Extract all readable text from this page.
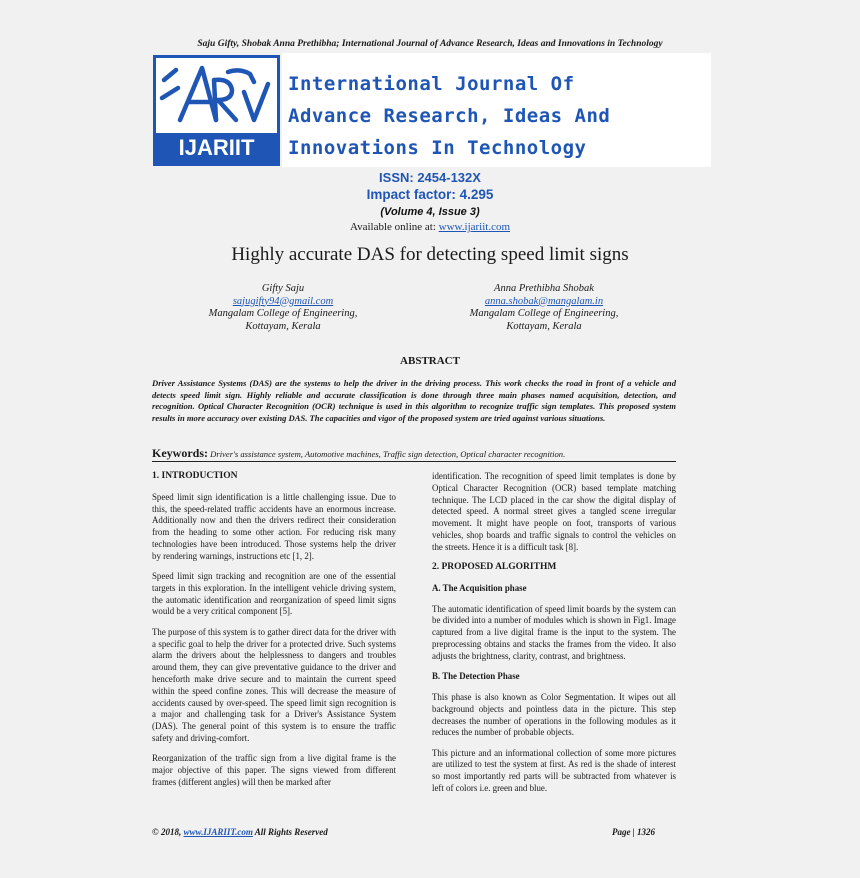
Saju Gifty, Shobak Anna Prethibha; International Journal of Advance Research, Ideas and Innovations in Technology
IJARIIT
International Journal Of
Advance Research, Ideas And
Innovations In Technology
ISSN: 2454-132X
Impact factor: 4.295
(Volume 4, Issue 3)
Available online at: www.ijariit.com
Highly accurate DAS for detecting speed limit signs
Gifty Saju
sajugifty94@gmail.com
Mangalam College of Engineering,
Kottayam, Kerala
Anna Prethibha Shobak
anna.shobak@mangalam.in
Mangalam College of Engineering,
Kottayam, Kerala
ABSTRACT
Driver Assistance Systems (DAS) are the systems to help the driver in the driving process. This work checks the road in front of a vehicle and detects speed limit sign. Highly reliable and accurate classification is done through three main phases named acquisition, detection, and recognition. Optical Character Recognition (OCR) technique is used in this algorithm to recognize traffic sign templates. This proposed system results in more accuracy over existing DAS. The capacities and vigor of the proposed system are tried against various situations.
Keywords: Driver's assistance system, Automotive machines, Traffic sign detection, Optical character recognition.
1. INTRODUCTION

Speed limit sign identification is a little challenging issue. Due to this, the speed-related traffic accidents have an enormous increase. Additionally now and then the drivers redirect their consideration from the heading to some other action. For reducing risk many technologies have been introduced. Those systems help the driver by rendering warnings, instructions etc [1, 2].

Speed limit sign tracking and recognition are one of the essential targets in this exploration. In the intelligent vehicle driving system, the automatic identification and reorganization of speed limit signs would be a very critical component [5].

The purpose of this system is to gather direct data for the driver with a specific goal to help the driver for a protected drive. Such systems alarm the drivers about the helplessness to dangers and troubles around them, they can give preventative guidance to the driver and henceforth make drive secure and to maintain the current speed within the speed confine zones. This will decrease the measure of accidents caused by over-speed. The speed limit sign recognition is a major and challenging task for a Driver's Assistance System (DAS). The general point of this system is to ensure the traffic safety and driving-comfort.

Reorganization of the traffic sign from a live digital frame is the major objective of this paper. The signs viewed from different frames (different angles) will then be marked after

identification. The recognition of speed limit templates is done by Optical Character Recognition (OCR) based template matching technique. The LCD placed in the car show the digital display of detected speed. A normal street gives a tangled scene irregular movement. It might have people on foot, transports of various vehicles, shop boards and traffic signals to control the vehicles on the streets. Hence it is a difficult task [8].

2. PROPOSED ALGORITHM
A. The Acquisition phase

The automatic identification of speed limit boards by the system can be divided into a number of modules which is shown in Fig1. Image captured from a live digital frame is the input to the system. The preprocessing obtains and stacks the frames from the video. It also adjusts the brightness, clarity, contrast, and brightness.

B. The Detection Phase

This phase is also known as Color Segmentation. It wipes out all background objects and pointless data in the picture. This step decreases the number of operations in the following modules as it reduces the number of probable objects.

This picture and an informational collection of some more pictures are utilized to test the system at first. As red is the shade of interest so most importantly red parts will be subtracted from whatever is left of colors i.e. green and blue.

© 2018, www.IJARIIT.com All Rights Reserved	Page | 1326
